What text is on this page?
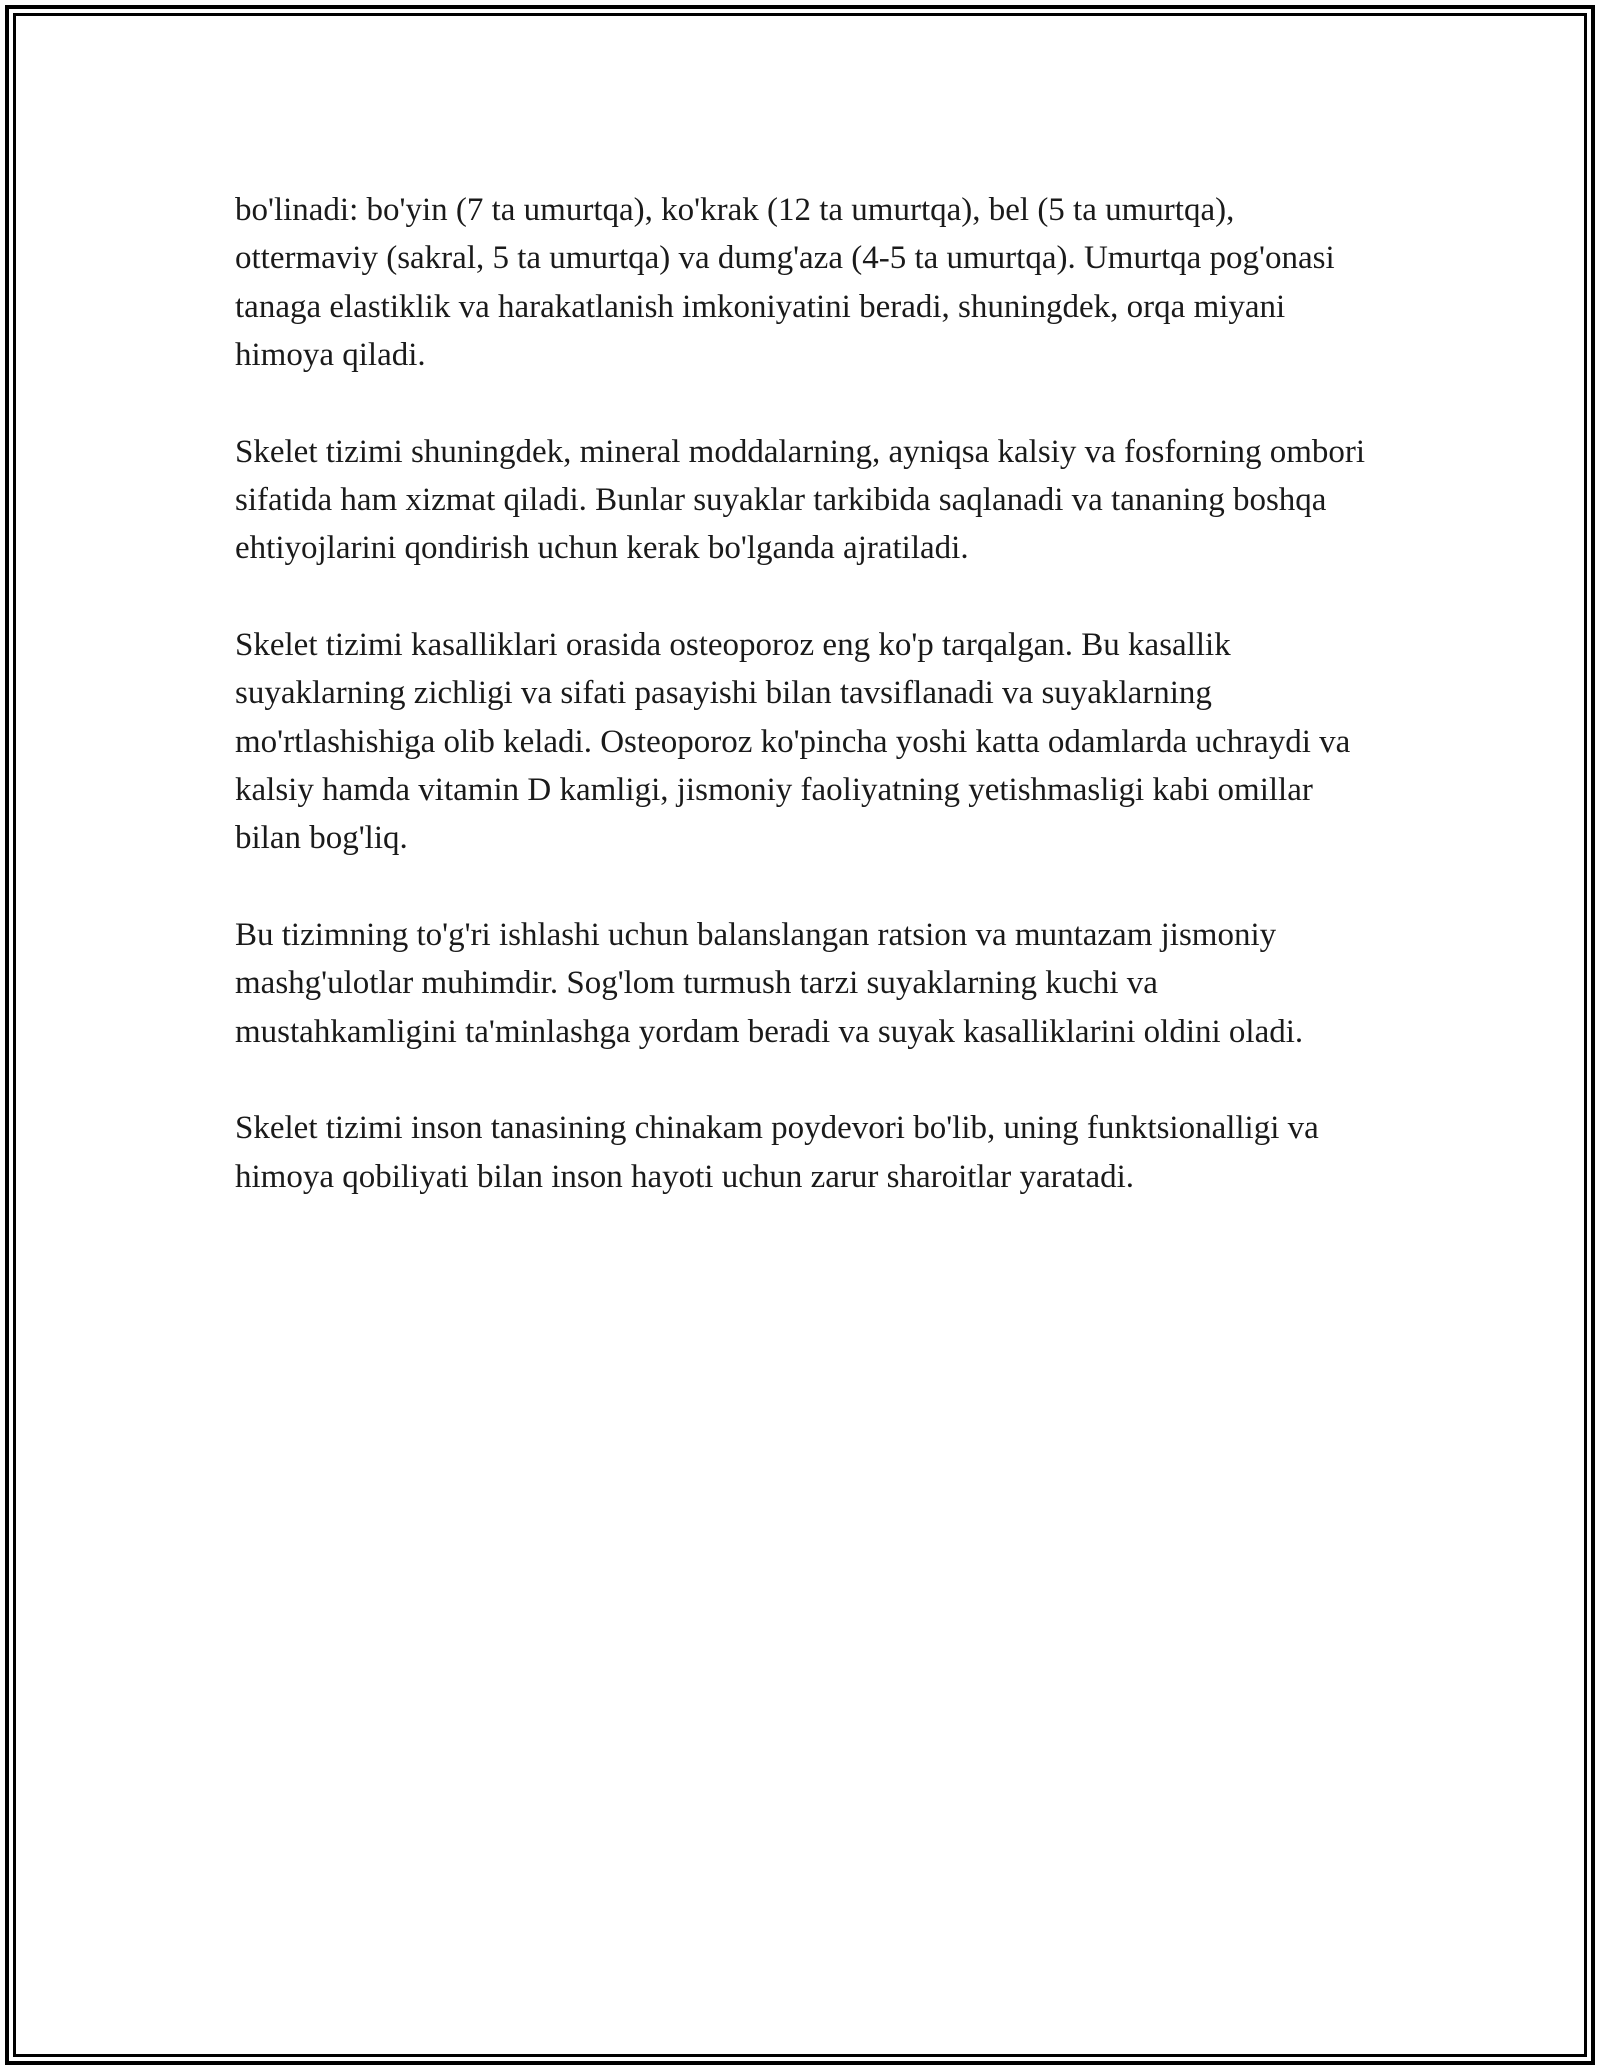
bo'linadi: bo'yin (7 ta umurtqa), ko'krak (12 ta umurtqa), bel (5 ta umurtqa), ottermaviy (sakral, 5 ta umurtqa) va dumg'aza (4-5 ta umurtqa). Umurtqa pog'onasi tanaga elastiklik va harakatlanish imkoniyatini beradi, shuningdek, orqa miyani himoya qiladi.

Skelet tizimi shuningdek, mineral moddalarning, ayniqsa kalsiy va fosforning ombori sifatida ham xizmat qiladi. Bunlar suyaklar tarkibida saqlanadi va tananing boshqa ehtiyojlarini qondirish uchun kerak bo'lganda ajratiladi.

Skelet tizimi kasalliklari orasida osteoporoz eng ko'p tarqalgan. Bu kasallik suyaklarning zichligi va sifati pasayishi bilan tavsiflanadi va suyaklarning mo'rtlashishiga olib keladi. Osteoporoz ko'pincha yoshi katta odamlarda uchraydi va kalsiy hamda vitamin D kamligi, jismoniy faoliyatning yetishmasligi kabi omillar bilan bog'liq.

Bu tizimning to'g'ri ishlashi uchun balanslangan ratsion va muntazam jismoniy mashg'ulotlar muhimdir. Sog'lom turmush tarzi suyaklarning kuchi va mustahkamligini ta'minlashga yordam beradi va suyak kasalliklarini oldini oladi.

Skelet tizimi inson tanasining chinakam poydevori bo'lib, uning funktsionalligi va himoya qobiliyati bilan inson hayoti uchun zarur sharoitlar yaratadi.
